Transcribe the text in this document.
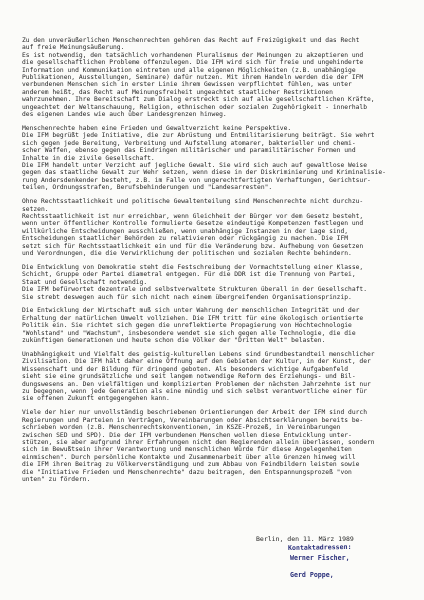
Zu den unveräußerlichen Menschenrechten gehören das Recht auf Freizügigkeit und das Recht
auf freie Meinungsäußerung.
Es ist notwendig, den tatsächlich vorhandenen Pluralismus der Meinungen zu akzeptieren und
die gesellschaftlichen Probleme offenzulegen. Die IFM wird sich für freie und ungehinderte
Information und Kommunikation eintreten und alle eigenen Möglichkeiten (z.B. unabhängige
Publikationen, Ausstellungen, Seminare) dafür nutzen. Mit ihrem Handeln werden die der IFM
verbundenen Menschen sich in erster Linie ihrem Gewissen verpflichtet fühlen, was unter
anderem heißt, das Recht auf Meinungsfreiheit ungeachtet staatlicher Restriktionen
wahrzunehmen. Ihre Bereitschaft zum Dialog erstreckt sich auf alle gesellschaftlichen Kräfte,
ungeachtet der Weltanschauung, Religion, ethnischen oder sozialen Zugehörigkeit - innerhalb
des eigenen Landes wie auch über Landesgrenzen hinweg.
Menschenrechte haben eine Frieden und Gewaltverzicht keine Perspektive.
Die IFM begrüßt jede Initiative, die zur Abrüstung und Entmilitarisierung beiträgt. Sie wehrt
sich gegen jede Bereitung, Verbreitung und Aufstellung atomarer, bakterieller und chemi-
scher Waffen, ebenso gegen das Eindringen militärischer und paramilitärischer Formen und
Inhalte in die zivile Gesellschaft.
Die IFM handelt unter Verzicht auf jegliche Gewalt. Sie wird sich auch auf gewaltlose Weise
gegen das staatliche Gewalt zur Wehr setzen, wenn diese in der Diskriminierung und Kriminalisie-
rung Andersdenkender besteht, z.B. im Falle von ungerechtfertigten Verhaftungen, Gerichtsur-
teilen, Ordnungsstrafen, Berufsbehinderungen und "Landesarresten".
Ohne Rechtsstaatlichkeit und politische Gewaltenteilung sind Menschenrechte nicht durchzu-
setzen.
Rechtsstaatlichkeit ist nur erreichbar, wenn Gleichheit der Bürger vor dem Gesetz besteht,
wenn unter öffentlicher Kontrolle formulierte Gesetze eindeutige Kompetenzen festlegen und
willkürliche Entscheidungen ausschließen, wenn unabhängige Instanzen in der Lage sind,
Entscheidungen staatlicher Behörden zu relativieren oder rückgängig zu machen. Die IFM
setzt sich für Rechtsstaatlichkeit ein und für die Veränderung bzw. Aufhebung von Gesetzen
und Verordnungen, die die Verwirklichung der politischen und sozialen Rechte behindern.
Die Entwicklung von Demokratie steht die Festschreibung der Vormachtstellung einer Klasse,
Schicht, Gruppe oder Partei diametral entgegen. Für die DDR ist die Trennung von Partei,
Staat und Gesellschaft notwendig.
Die IFM befürwortet dezentrale und selbstverwaltete Strukturen überall in der Gesellschaft.
Sie strebt deswegen auch für sich nicht nach einem übergreifenden Organisationsprinzip.
Die Entwicklung der Wirtschaft muß sich unter Wahrung der menschlichen Integrität und der
Erhaltung der natürlichen Umwelt vollziehen. Die IFM tritt für eine ökologisch orientierte
Politik ein. Sie richtet sich gegen die unreflektierte Propagierung von Hochtechnologie
"Wohlstand" und "Wachstum", insbesondere wendet sie sich gegen alle Technologie, die die
zukünftigen Generationen und heute schon die Völker der "Dritten Welt" belasten.
Unabhängigkeit und Vielfalt des geistig-kulturellen Lebens sind Grundbestandteil menschlicher
Zivilisation. Die IFM hält daher eine Öffnung auf den Gebieten der Kultur, in der Kunst, der
Wissenschaft und der Bildung für dringend geboten. Als besonders wichtige Aufgabenfeld
sieht sie eine grundsätzliche und seit langem notwendige Reform des Erziehungs- und Bil-
dungswesens an. Den vielfältigen und komplizierten Problemen der nächsten Jahrzehnte ist nur
zu begegnen, wenn jede Generation als eine mündig und sich selbst verantwortliche einer für
sie offenen Zukunft entgegengehen kann.
Viele der hier nur unvollständig beschriebenen Orientierungen der Arbeit der IFM sind durch
Regierungen und Parteien in Verträgen, Vereinbarungen oder Absichtserklärungen bereits be-
schrieben worden (z.B. Menschenrechtskonventionen, im KSZE-Prozeß, in Vereinbarungen
zwischen SED und SPD). Die der IFM verbundenen Menschen wollen diese Entwicklung unter-
stützen, sie aber aufgrund ihrer Erfahrungen nicht den Regierenden allein überlassen, sondern
sich im Bewußtsein ihrer Verantwortung und menschlichen Würde für diese Angelegenheiten
einmischen". Durch persönliche Kontakte und Zusammenarbeit über alle Grenzen hinweg will
die IFM ihren Beitrag zu Völkerverständigung und zum Abbau von Feindbildern leisten sowie
die "Initiative Frieden und Menschenrechte" dazu beitragen, den Entspannungsprozeß "von
unten" zu fördern.
Berlin, den 11. März 1989
Kontaktadressen:
Werner Fischer,
Gerd Poppe,
